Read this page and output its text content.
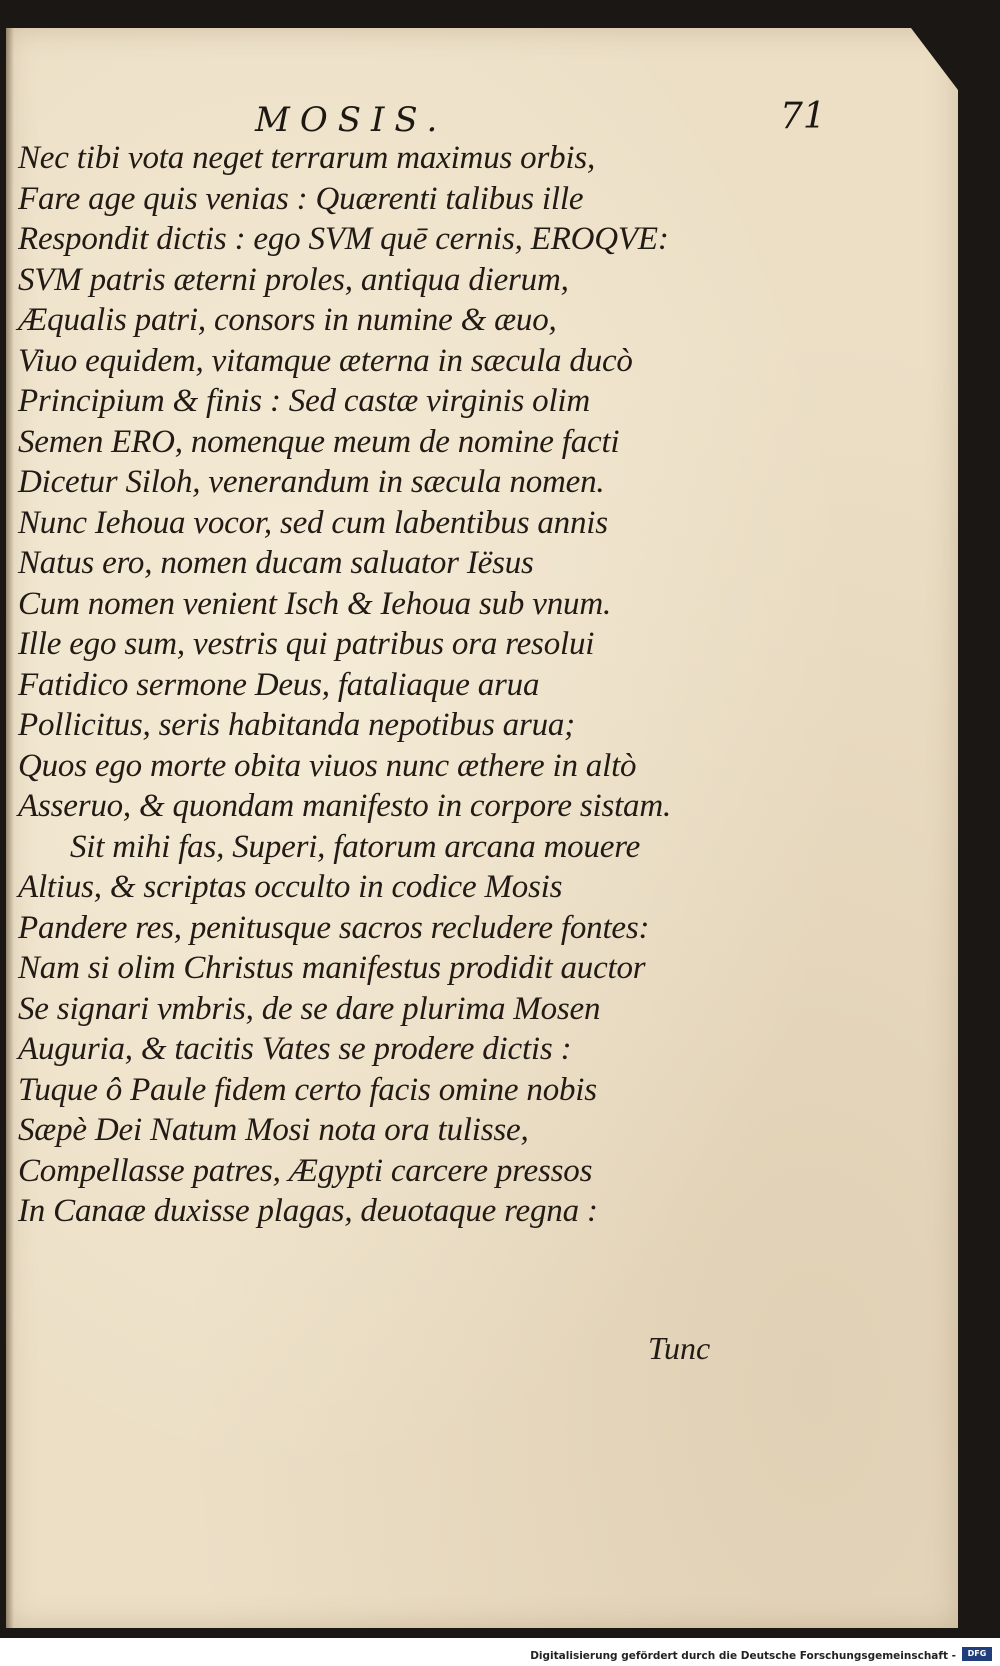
MOSIS.	71
Nec tibi vota neget terrarum maximus orbis,
Fare age quis venias : Quærenti talibus ille
Respondit dictis : ego SVM quē cernis, EROQVE:
SVM patris æterni proles, antiqua dierum,
Æqualis patri, consors in numine & æuo,
Viuo equidem, vitamque æterna in sæcula ducò
Principium & finis : Sed castæ virginis olim
Semen ERO, nomenque meum de nomine facti
Dicetur Siloh, venerandum in sæcula nomen.
Nunc Iehoua vocor, sed cum labentibus annis
Natus ero, nomen ducam saluator Iësus
Cum nomen venient Isch & Iehoua sub vnum.
Ille ego sum, vestris qui patribus ora resolui
Fatidico sermone Deus, fataliaque arua
Pollicitus, seris habitanda nepotibus arua;
Quos ego morte obita viuos nunc æthere in altò
Asseruo, & quondam manifesto in corpore sistam.
Sit mihi fas, Superi, fatorum arcana mouere
Altius, & scriptas occulto in codice Mosis
Pandere res, penitusque sacros recludere fontes:
Nam si olim Christus manifestus prodidit auctor
Se signari vmbris, de se dare plurima Mosen
Auguria, & tacitis Vates se prodere dictis :
Tuque ô Paule fidem certo facis omine nobis
Sæpè Dei Natum Mosi nota ora tulisse,
Compellasse patres, Ægypti carcere pressos
In Canaæ duxisse plagas, deuotaque regna :
Tunc
Digitalisierung gefördert durch die Deutsche Forschungsgemeinschaft -	DFG
